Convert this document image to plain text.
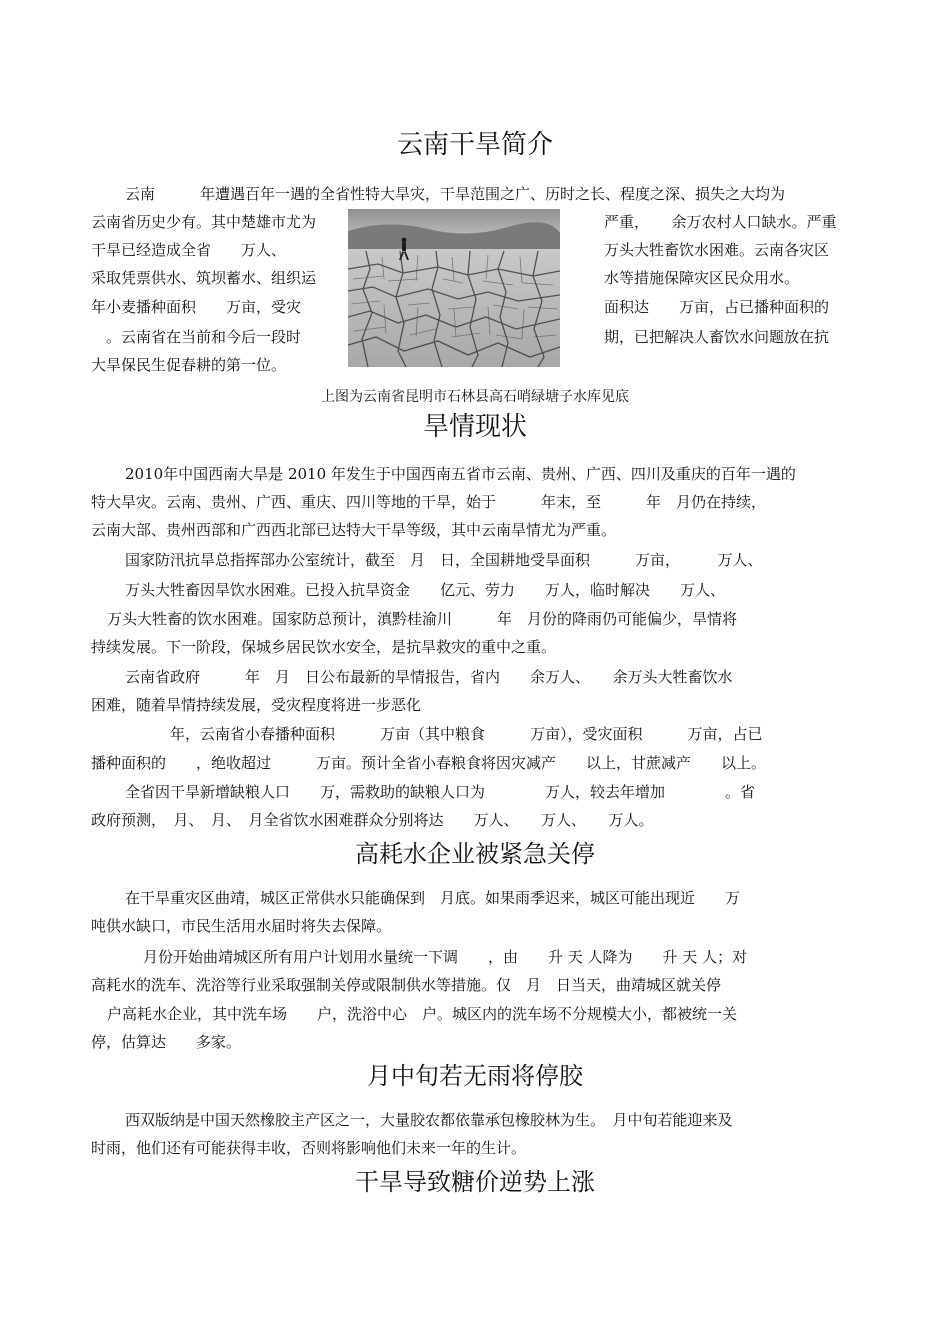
云南干旱简介

云南　　　年遭遇百年一遇的全省性特大旱灾，干旱范围之广、历时之长、程度之深、损失之大均为

云南省历史少有。其中楚雄市尤为	严重，　　余万农村人口缺水。严重

干旱已经造成全省　　万人、	万头大牲畜饮水困难。云南各灾区

采取凭票供水、筑坝蓄水、组织运	水等措施保障灾区民众用水。

年小麦播种面积　　万亩，受灾	面积达　　万亩，占已播种面积的

　。云南省在当前和今后一段时	期，已把解决人畜饮水问题放在抗

大旱保民生促春耕的第一位。

上图为云南省昆明市石林县高石哨绿塘子水库见底

旱情现状

2010年中国西南大旱是 2010 年发生于中国西南五省市云南、贵州、广西、四川及重庆的百年一遇的

特大旱灾。云南、贵州、广西、重庆、四川等地的干旱，始于　　　年末，至　　　年　月仍在持续，

云南大部、贵州西部和广西西北部已达特大干旱等级，其中云南旱情尤为严重。

国家防汛抗旱总指挥部办公室统计，截至　月　日，全国耕地受旱面积　　　万亩，　　　万人、

万头大牲畜因旱饮水困难。已投入抗旱资金　　亿元、劳力　　万人，临时解决　　万人、

万头大牲畜的饮水困难。国家防总预计，滇黔桂渝川　　　年　月份的降雨仍可能偏少，旱情将

持续发展。下一阶段，保城乡居民饮水安全，是抗旱救灾的重中之重。

云南省政府　　　年　月　日公布最新的旱情报告，省内　　余万人、　　余万头大牲畜饮水

困难，随着旱情持续发展，受灾程度将进一步恶化

年，云南省小春播种面积　　　万亩（其中粮食　　　万亩），受灾面积　　　万亩，占已

播种面积的　　，绝收超过　　　万亩。预计全省小春粮食将因灾减产　　以上，甘蔗减产　　以上。

全省因干旱新增缺粮人口　　万，需救助的缺粮人口为　　　　万人，较去年增加　　　　。省

政府预测，　月、　月、　月全省饮水困难群众分别将达　　万人、　　万人、　　万人。

高耗水企业被紧急关停

在干旱重灾区曲靖，城区正常供水只能确保到　月底。如果雨季迟来，城区可能出现近　　万

吨供水缺口，市民生活用水届时将失去保障。

月份开始曲靖城区所有用户计划用水量统一下调　　，由　　升 天 人降为　　升 天 人；对

高耗水的洗车、洗浴等行业采取强制关停或限制供水等措施。仅　月　日当天，曲靖城区就关停

户高耗水企业，其中洗车场　　户，洗浴中心　户。城区内的洗车场不分规模大小，都被统一关

停，估算达　　多家。

月中旬若无雨将停胶

西双版纳是中国天然橡胶主产区之一，大量胶农都依靠承包橡胶林为生。　月中旬若能迎来及

时雨，他们还有可能获得丰收，否则将影响他们未来一年的生计。

干旱导致糖价逆势上涨
